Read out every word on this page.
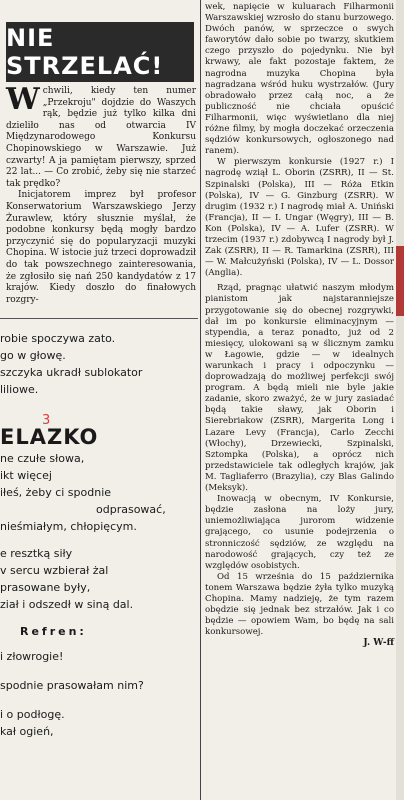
NIE STRZELAĆ!

W chwili, kiedy ten numer „Przekroju" dojdzie do Waszych rąk, będzie już tylko kilka dni dzieliło nas od otwarcia IV Międzynarodowego Konkursu Chopinowskiego w Warszawie. Już czwarty! A ja pamiętam pierwszy, sprzed 22 lat... — Co zrobić, żeby się nie starzeć tak prędko?

Inicjatorem imprez był profesor Konserwatorium Warszawskiego Jerzy Żurawlew, który słusznie myślał, że podobne konkursy będą mogły bardzo przyczynić się do popularyzacji muzyki Chopina. W istocie już trzeci doprowadził do tak powszechnego zainteresowania, że zgłosiło się nań 250 kandydatów z 17 krajów. Kiedy doszło do finałowych rozgry-

robie spoczywa zato.
go w głowę.
szczyka ukradł sublokator
liliowe.
3
ELAZKO
ne czułe słowa,
ikt więcej
iłeś, żeby ci spodnie
odprasować,
nieśmiałym, chłopięcym.
e resztką siły
v sercu wzbierał żal
prasowane były,
ział i odszedł w siną dal.
Refren:
i złowrogie!
spodnie prasowałam nim?
i o podłogę.
kał ogień,

wek, napięcie w kuluarach Filharmonii Warszawskiej wzrosło do stanu burzowego. Dwóch panów, w sprzeczce o swych faworytów dało sobie po twarzy, skutkiem czego przyszło do pojedynku. Nie był krwawy, ale fakt pozostaje faktem, że nagrodna muzyka Chopina była nagradzana wśród huku wystrzałów. (Jury obradowało przez całą noc, a że publiczność nie chciała opuścić Filharmonii, więc wyświetlano dla niej różne filmy, by mogła doczekać orzeczenia sędziów konkursowych, ogłoszonego nad ranem).

W pierwszym konkursie (1927 r.) I nagrodę wziął L. Oborin (ZSRR), II — St. Szpinalski (Polska), III — Róża Etkin (Polska), IV — G. Ginzburg (ZSRR). W drugim (1932 r.) I nagrodę miał A. Uniński (Francja), II — I. Ungar (Węgry), III — B. Kon (Polska), IV — A. Lufer (ZSRR). W trzecim (1937 r.) zdobywcą I nagrody był J. Zak (ZSRR), II — R. Tamarkina (ZSRR), III — W. Małcużyński (Polska), IV — L. Dossor (Anglia).

Rząd, pragnąc ułatwić naszym młodym pianistom jak najstaranniejsze przygotowanie się do obecnej rozgrywki, dał im po konkursie eliminacyjnym — stypendia, a teraz ponadto, już od 2 miesięcy, ulokowani są w ślicznym zamku w Łagowie, gdzie — w idealnych warunkach i pracy i odpoczynku — doprowadzają do możliwej perfekcji swój program. A będą mieli nie byle jakie zadanie, skoro zważyć, że w jury zasiadać będą takie sławy, jak Oborin i Sierebriakow (ZSRR), Margerita Long i Lazare Levy (Francja), Carlo Zecchi (Włochy), Drzewiecki, Szpinalski, Sztompka (Polska), a oprócz nich przedstawiciele tak odległych krajów, jak M. Tagliaferro (Brazylia), czy Blas Galindo (Meksyk).

Inowacją w obecnym, IV Konkursie, będzie zasłona na loży jury, uniemożliwiająca jurorom widzenie grającego, co usunie podejrzenia o stronniczość sędziów, ze względu na narodowość grających, czy też ze względów osobistych.

Od 15 września do 15 października tonem Warszawa będzie żyła tylko muzyką Chopina. Mamy nadzieję, że tym razem obędzie się jednak bez strzałów. Jak i co będzie — opowiem Wam, bo będę na sali konkursowej.

J. W-ff
